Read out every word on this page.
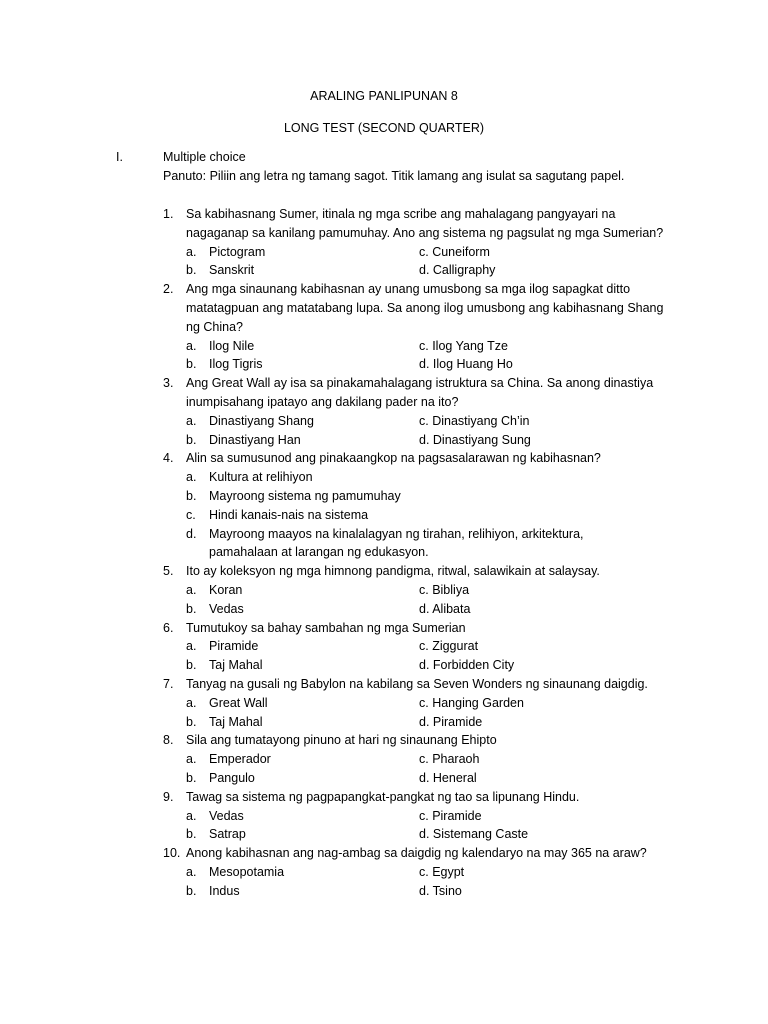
ARALING PANLIPUNAN 8
LONG TEST (SECOND QUARTER)
I.	Multiple choice
Panuto: Piliin ang letra ng tamang sagot. Titik lamang ang isulat sa sagutang papel.
1.	Sa kabihasnang Sumer, itinala ng mga scribe ang mahalagang pangyayari na
nagaganap sa kanilang pamumuhay. Ano ang sistema ng pagsulat ng mga Sumerian?
a. Pictogram	c. Cuneiform
b. Sanskrit	d. Calligraphy
2.	Ang mga sinaunang kabihasnan ay unang umusbong sa mga ilog sapagkat ditto
matatagpuan ang matatabang lupa. Sa anong ilog umusbong ang kabihasnang Shang
ng China?
a. Ilog Nile	c. Ilog Yang Tze
b. Ilog Tigris	d. Ilog Huang Ho
3.	Ang Great Wall ay isa sa pinakamahalagang istruktura sa China. Sa anong dinastiya
inumpisahang ipatayo ang dakilang pader na ito?
a. Dinastiyang Shang	c. Dinastiyang Ch’in
b. Dinastiyang Han	d. Dinastiyang Sung
4.	Alin sa sumusunod ang pinakaangkop na pagsasalarawan ng kabihasnan?
a. Kultura at relihiyon
b. Mayroong sistema ng pamumuhay
c. Hindi kanais-nais na sistema
d. Mayroong maayos na kinalalagyan ng tirahan, relihiyon, arkitektura,
pamahalaan at larangan ng edukasyon.
5.	Ito ay koleksyon ng mga himnong pandigma, ritwal, salawikain at salaysay.
a. Koran	c. Bibliya
b. Vedas	d. Alibata
6.	Tumutukoy sa bahay sambahan ng mga Sumerian
a. Piramide	c. Ziggurat
b. Taj Mahal	d. Forbidden City
7.	Tanyag na gusali ng Babylon na kabilang sa Seven Wonders ng sinaunang daigdig.
a. Great Wall	c. Hanging Garden
b. Taj Mahal	d. Piramide
8.	Sila ang tumatayong pinuno at hari ng sinaunang Ehipto
a. Emperador	c. Pharaoh
b. Pangulo	d. Heneral
9.	Tawag sa sistema ng pagpapangkat-pangkat ng tao sa lipunang Hindu.
a. Vedas	c. Piramide
b. Satrap	d. Sistemang Caste
10. Anong kabihasnan ang nag-ambag sa daigdig ng kalendaryo na may 365 na araw?
a. Mesopotamia	c. Egypt
b. Indus	d. Tsino
